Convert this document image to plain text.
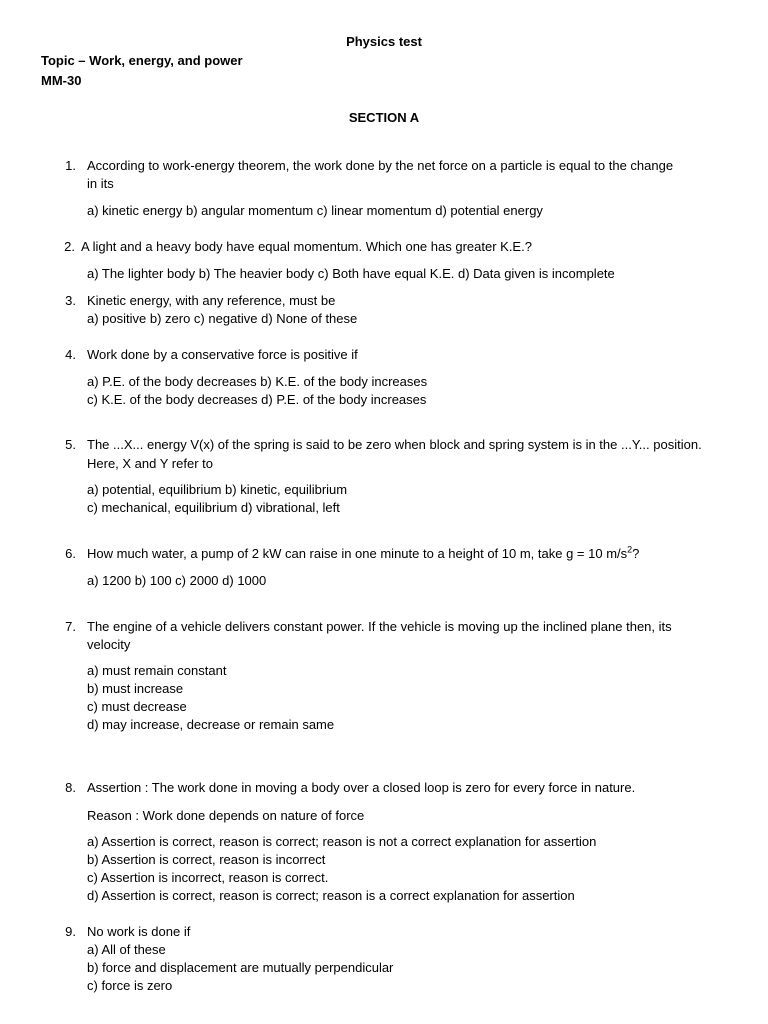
Physics test
Topic – Work, energy, and power
MM-30
SECTION A
1. According to work-energy theorem, the work done by the net force on a particle is equal to the change
in its
a) kinetic energy b) angular momentum c) linear momentum d) potential energy
2. A light and a heavy body have equal momentum. Which one has greater K.E.?
a) The lighter body b) The heavier body c) Both have equal K.E. d) Data given is incomplete
3. Kinetic energy, with any reference, must be
a) positive b) zero c) negative d) None of these
4. Work done by a conservative force is positive if
a) P.E. of the body decreases b) K.E. of the body increases
c) K.E. of the body decreases d) P.E. of the body increases
5. The ...X... energy V(x) of the spring is said to be zero when block and spring system is in the ...Y... position.
Here, X and Y refer to
a) potential, equilibrium b) kinetic, equilibrium
c) mechanical, equilibrium d) vibrational, left
6. How much water, a pump of 2 kW can raise in one minute to a height of 10 m, take g = 10 $m/s^2$?
a) 1200 b) 100 c) 2000 d) 1000
7. The engine of a vehicle delivers constant power. If the vehicle is moving up the inclined plane then, its
velocity
a) must remain constant
b) must increase
c) must decrease
d) may increase, decrease or remain same
8. Assertion : The work done in moving a body over a closed loop is zero for every force in nature.
Reason : Work done depends on nature of force
a) Assertion is correct, reason is correct; reason is not a correct explanation for assertion
b) Assertion is correct, reason is incorrect
c) Assertion is incorrect, reason is correct.
d) Assertion is correct, reason is correct; reason is a correct explanation for assertion
9. No work is done if
a) All of these
b) force and displacement are mutually perpendicular
c) force is zero
